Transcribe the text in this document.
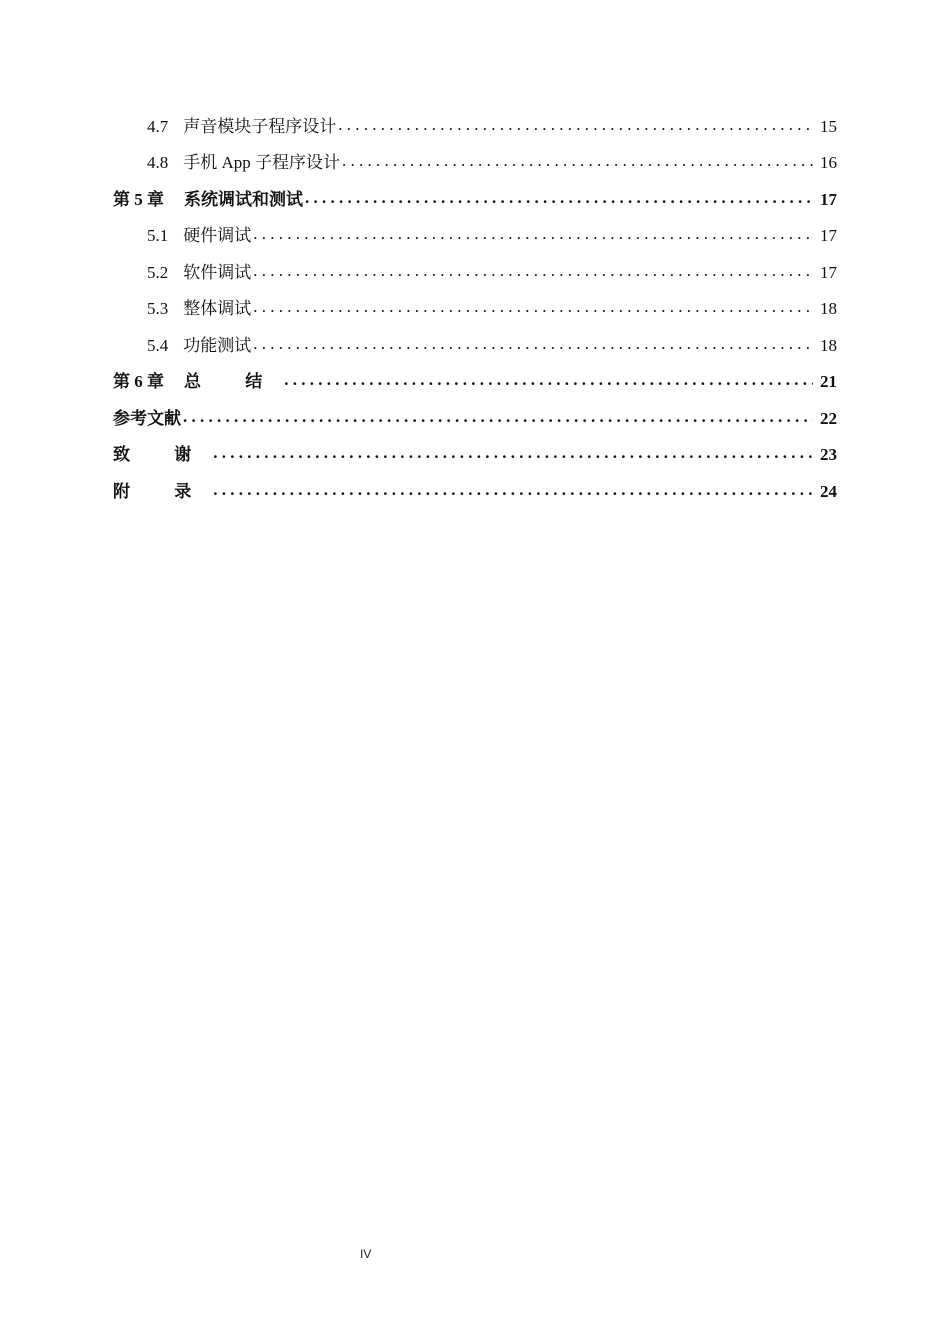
4.7 声音模块子程序设计 . . .	15
4.8 手机 App 子程序设计 . . .	16
第 5 章 系统调试和测试 . . .	17
5.1 硬件调试 . . .	17
5.2 软件调试 . . .	17
5.3 整体调试 . . .	18
5.4 功能测试 . . .	18
第 6 章 总 结 . . .	21
参考文献 . . .	22
致 谢 . . .	23
附 录 . . .	24
IV
